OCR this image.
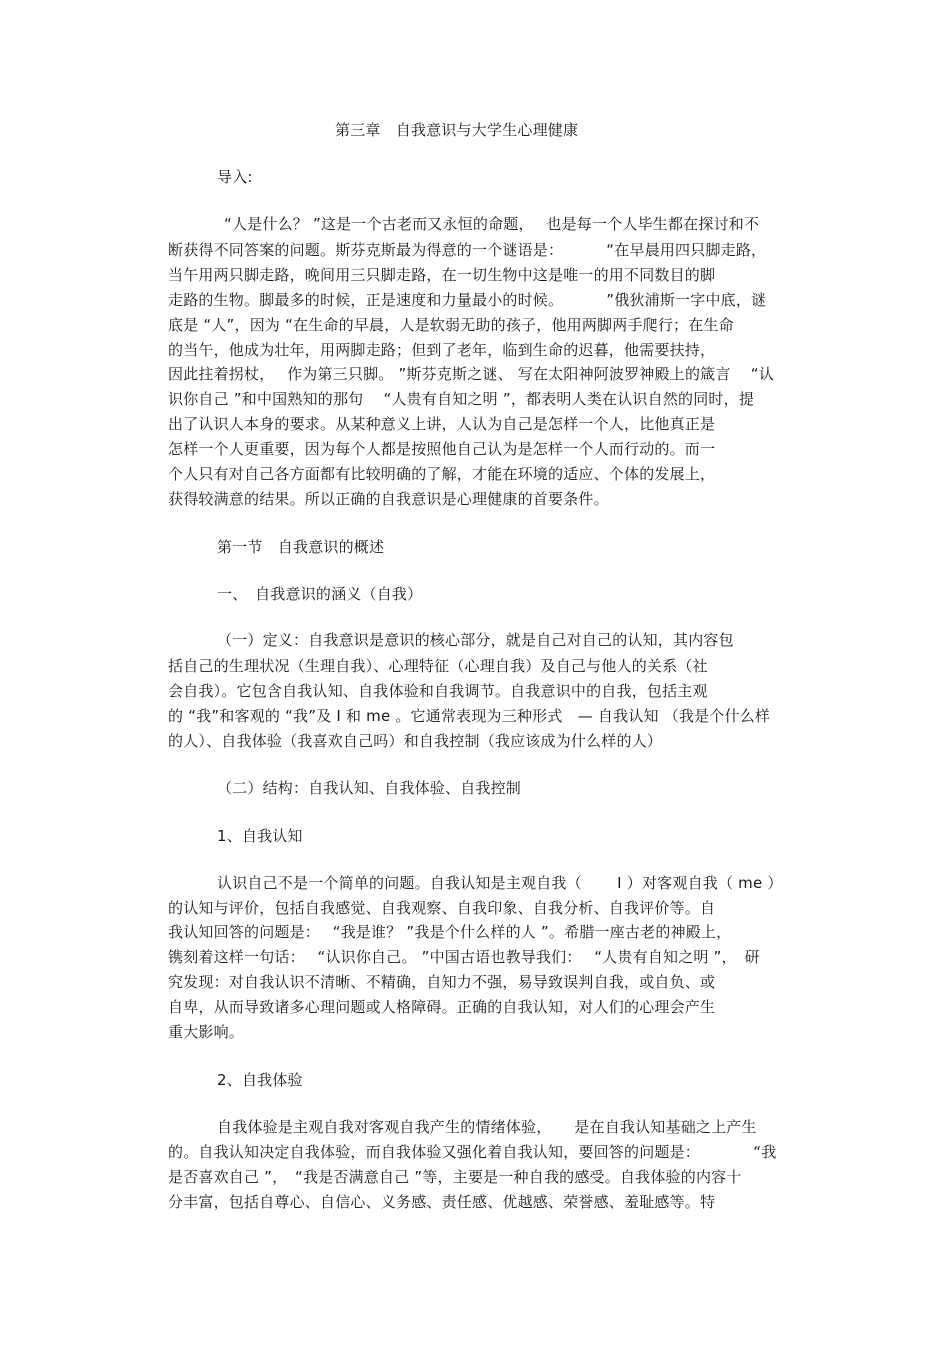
第三章　自我意识与大学生心理健康
导入:
“人是什么？ ”这是一个古老而又永恒的命题，　 也是每一个人毕生都在探讨和不
断获得不同答案的问题。斯芬克斯最为得意的一个谜语是：　　　 “在早晨用四只脚走路，
当午用两只脚走路，晚间用三只脚走路，在一切生物中这是唯一的用不同数目的脚
走路的生物。脚最多的时候，正是速度和力量最小的时候。　　　 ”俄狄浦斯一字中底，谜
底是 “人”，因为 “在生命的早晨，人是软弱无助的孩子，他用两脚两手爬行；在生命
的当午，他成为壮年，用两脚走路；但到了老年，临到生命的迟暮，他需要扶持，
因此拄着拐杖，　 作为第三只脚。 ”斯芬克斯之谜、 写在太阳神阿波罗神殿上的箴言　 “认
识你自己 ”和中国熟知的那句　 “人贵有自知之明 ”，都表明人类在认识自然的同时，提
出了认识人本身的要求。从某种意义上讲，人认为自己是怎样一个人，比他真正是
怎样一个人更重要，因为每个人都是按照他自己认为是怎样一个人而行动的。而一
个人只有对自己各方面都有比较明确的了解，才能在环境的适应、个体的发展上，
获得较满意的结果。所以正确的自我意识是心理健康的首要条件。
第一节　自我意识的概述
一、　自我意识的涵义（自我）
（一）定义：自我意识是意识的核心部分，就是自己对自己的认知，其内容包
括自己的生理状况（生理自我）、心理特征（心理自我）及自己与他人的关系（社
会自我）。它包含自我认知、自我体验和自我调节。自我意识中的自我，包括主观
的 “我”和客观的 “我”及 I 和 me 。它通常表现为三种形式　— 自我认知 （我是个什么样
的人）、自我体验（我喜欢自己吗）和自我控制（我应该成为什么样的人）
（二）结构：自我认知、自我体验、自我控制
1、自我认知
认识自己不是一个简单的问题。自我认知是主观自我（　　 I ）对客观自我（ me ）
的认知与评价，包括自我感觉、自我观察、自我印象、自我分析、自我评价等。自
我认知回答的问题是：　 “我是谁？ ”我是个什么样的人 ”。希腊一座古老的神殿上，
镌刻着这样一句话：　 “认识你自己。 ”中国古语也教导我们：　 “人贵有自知之明 ”，　研
究发现：对自我认识不清晰、不精确，自知力不强，易导致误判自我，或自负、或
自卑，从而导致诸多心理问题或人格障碍。正确的自我认知，对人们的心理会产生
重大影响。
2、自我体验
自我体验是主观自我对客观自我产生的情绪体验，　　是在自我认知基础之上产生
的。自我认知决定自我体验，而自我体验又强化着自我认知，要回答的问题是：　　　　“我
是否喜欢自己 ”，　“我是否满意自己 ”等，主要是一种自我的感受。自我体验的内容十
分丰富，包括自尊心、自信心、义务感、责任感、优越感、荣誉感、羞耻感等。特
